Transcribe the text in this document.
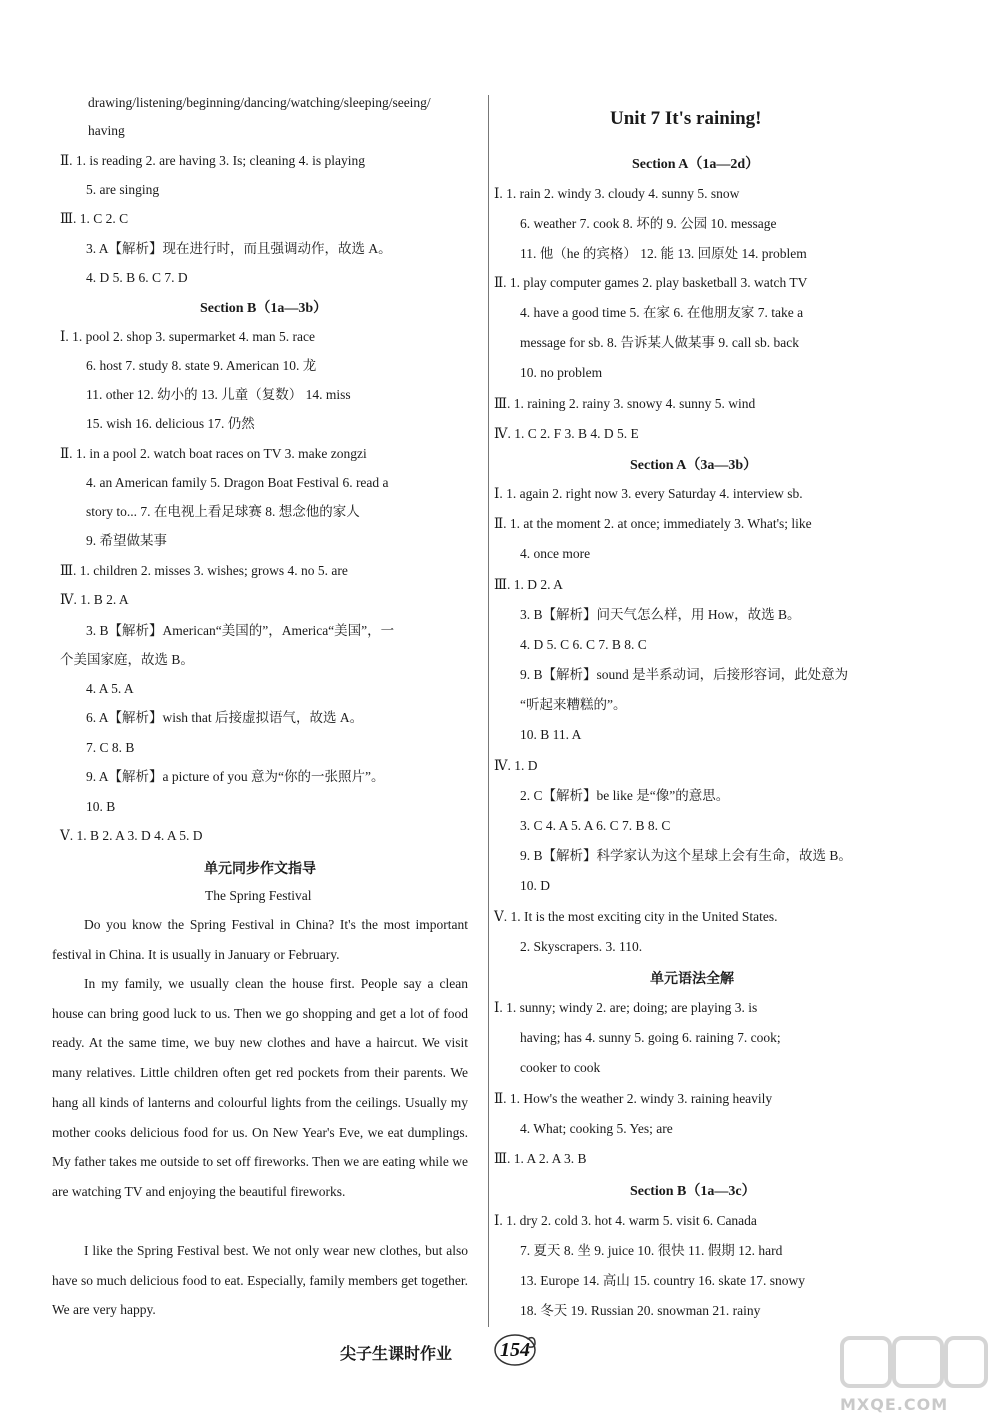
drawing/listening/beginning/dancing/watching/sleeping/seeing/
having
Ⅱ. 1. is reading 2. are having 3. Is; cleaning 4. is playing
5. are singing
Ⅲ. 1. C 2. C
3. A【解析】现在进行时，而且强调动作，故选 A。
4. D 5. B 6. C 7. D
Section B（1a—3b）
Ⅰ. 1. pool 2. shop 3. supermarket 4. man 5. race
6. host 7. study 8. state 9. American 10. 龙
11. other 12. 幼小的 13. 儿童（复数） 14. miss
15. wish 16. delicious 17. 仍然
Ⅱ. 1. in a pool 2. watch boat races on TV 3. make zongzi
4. an American family 5. Dragon Boat Festival 6. read a
story to... 7. 在电视上看足球赛 8. 想念他的家人
9. 希望做某事
Ⅲ. 1. children 2. misses 3. wishes; grows 4. no 5. are
Ⅳ. 1. B 2. A
3. B【解析】American“美国的”，America“美国”，一
个美国家庭，故选 B。
4. A 5. A
6. A【解析】wish that 后接虚拟语气，故选 A。
7. C 8. B
9. A【解析】a picture of you 意为“你的一张照片”。
10. B
Ⅴ. 1. B 2. A 3. D 4. A 5. D
单元同步作文指导
The Spring Festival
Do you know the Spring Festival in China? It's the most important festival in China. It is usually in January or February.
In my family, we usually clean the house first. People say a clean house can bring good luck to us. Then we go shopping and get a lot of food ready. At the same time, we buy new clothes and have a haircut. We visit many relatives. Little children often get red pockets from their parents. We hang all kinds of lanterns and colourful lights from the ceilings. Usually my mother cooks delicious food for us. On New Year's Eve, we eat dumplings. My father takes me outside to set off fireworks. Then we are eating while we are watching TV and enjoying the beautiful fireworks.
I like the Spring Festival best. We not only wear new clothes, but also have so much delicious food to eat. Especially, family members get together. We are very happy.
Unit 7 It's raining!
Section A（1a—2d）
Ⅰ. 1. rain 2. windy 3. cloudy 4. sunny 5. snow
6. weather 7. cook 8. 坏的 9. 公园 10. message
11. 他（he 的宾格） 12. 能 13. 回原处 14. problem
Ⅱ. 1. play computer games 2. play basketball 3. watch TV
4. have a good time 5. 在家 6. 在他朋友家 7. take a
message for sb. 8. 告诉某人做某事 9. call sb. back
10. no problem
Ⅲ. 1. raining 2. rainy 3. snowy 4. sunny 5. wind
Ⅳ. 1. C 2. F 3. B 4. D 5. E
Section A（3a—3b）
Ⅰ. 1. again 2. right now 3. every Saturday 4. interview sb.
Ⅱ. 1. at the moment 2. at once; immediately 3. What's; like
4. once more
Ⅲ. 1. D 2. A
3. B【解析】问天气怎么样，用 How，故选 B。
4. D 5. C 6. C 7. B 8. C
9. B【解析】sound 是半系动词，后接形容词，此处意为
“听起来糟糕的”。
10. B 11. A
Ⅳ. 1. D
2. C【解析】be like 是“像”的意思。
3. C 4. A 5. A 6. C 7. B 8. C
9. B【解析】科学家认为这个星球上会有生命，故选 B。
10. D
Ⅴ. 1. It is the most exciting city in the United States.
2. Skyscrapers. 3. 110.
单元语法全解
Ⅰ. 1. sunny; windy 2. are; doing; are playing 3. is
having; has 4. sunny 5. going 6. raining 7. cook;
cooker to cook
Ⅱ. 1. How's the weather 2. windy 3. raining heavily
4. What; cooking 5. Yes; are
Ⅲ. 1. A 2. A 3. B
Section B（1a—3c）
Ⅰ. 1. dry 2. cold 3. hot 4. warm 5. visit 6. Canada
7. 夏天 8. 坐 9. juice 10. 很快 11. 假期 12. hard
13. Europe 14. 高山 15. country 16. skate 17. snowy
18. 冬天 19. Russian 20. snowman 21. rainy
尖子生课时作业	154
MXQE.COM
